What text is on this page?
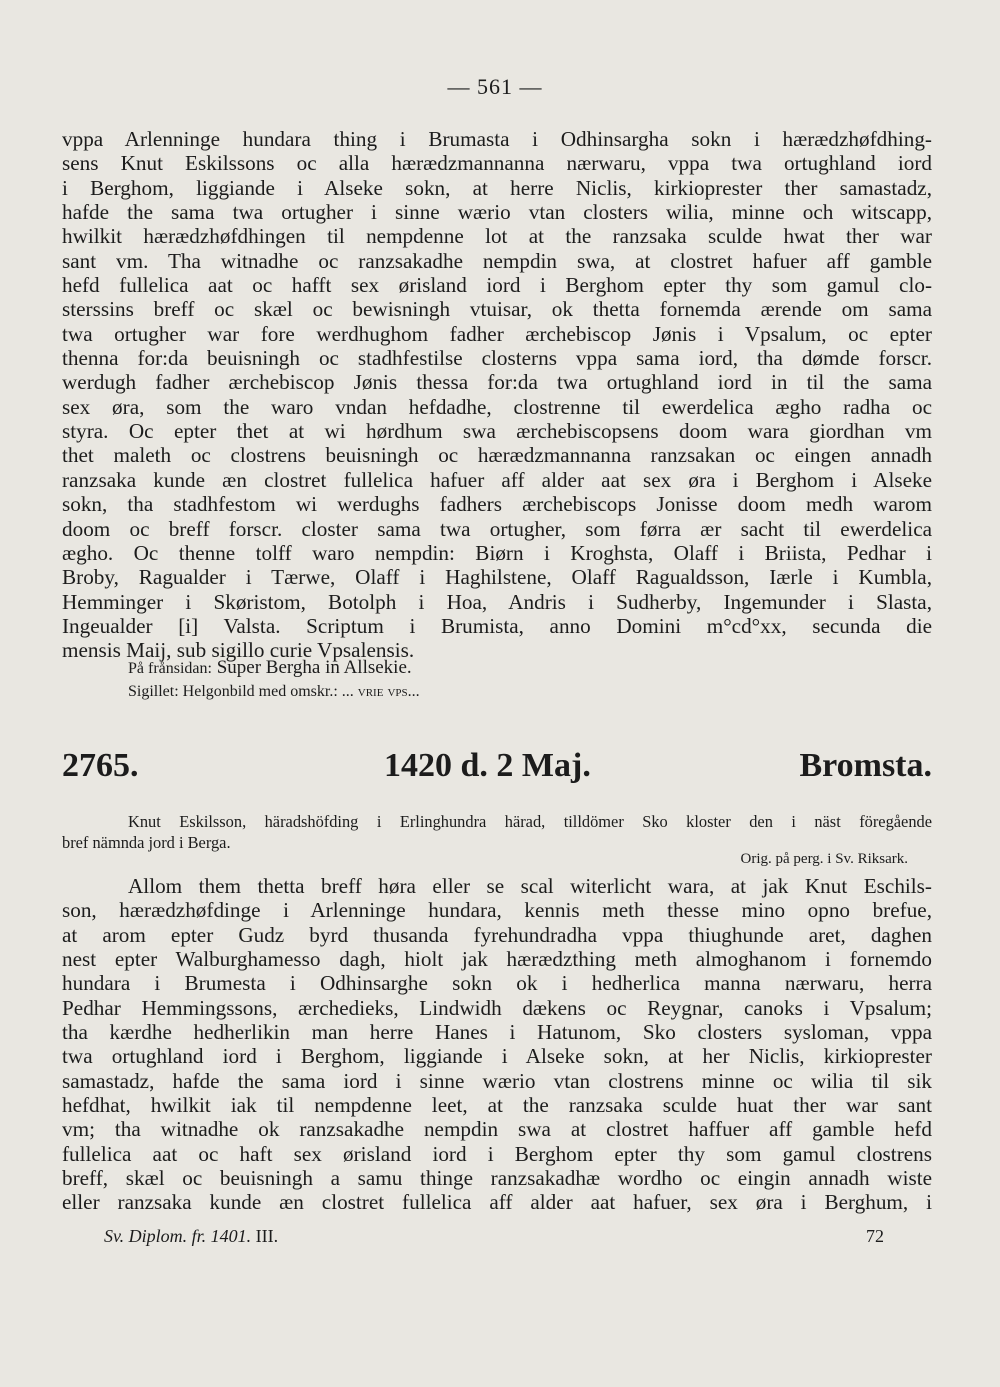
— 561 —
vppa Arlenninge hundara thing i Brumasta i Odhinsargha sokn i hærædzhøfdhing-
sens Knut Eskilssons oc alla hærædzmannanna nærwaru, vppa twa ortughland iord
i Berghom, liggiande i Alseke sokn, at herre Niclis, kirkioprester ther samastadz,
hafde the sama twa ortugher i sinne wærio vtan closters wilia, minne och witscapp,
hwilkit hærædzhøfdhingen til nempdenne lot at the ranzsaka sculde hwat ther war
sant vm. Tha witnadhe oc ranzsakadhe nempdin swa, at clostret hafuer aff gamble
hefd fullelica aat oc hafft sex ørisland iord i Berghom epter thy som gamul clo-
sterssins breff oc skæl oc bewisningh vtuisar, ok thetta fornemda ærende om sama
twa ortugher war fore werdhughom fadher ærchebiscop Jønis i Vpsalum, oc epter
thenna for:da beuisningh oc stadhfestilse closterns vppa sama iord, tha dømde forscr.
werdugh fadher ærchebiscop Jønis thessa for:da twa ortughland iord in til the sama
sex øra, som the waro vndan hefdadhe, clostrenne til ewerdelica ægho radha oc
styra. Oc epter thet at wi hørdhum swa ærchebiscopsens doom wara giordhan vm
thet maleth oc clostrens beuisningh oc hærædzmannanna ranzsakan oc eingen annadh
ranzsaka kunde æn clostret fullelica hafuer aff alder aat sex øra i Berghom i Alseke
sokn, tha stadhfestom wi werdughs fadhers ærchebiscops Jonisse doom medh warom
doom oc breff forscr. closter sama twa ortugher, som førra ær sacht til ewerdelica
ægho. Oc thenne tolff waro nempdin: Biørn i Kroghsta, Olaff i Briista, Pedhar i
Broby, Ragualder i Tærwe, Olaff i Haghilstene, Olaff Ragualdsson, Iærle i Kumbla,
Hemminger i Skøristom, Botolph i Hoa, Andris i Sudherby, Ingemunder i Slasta,
Ingeualder [i] Valsta. Scriptum i Brumista, anno Domini m°cd°xx, secunda die
mensis Maij, sub sigillo curie Vpsalensis.
På frånsidan: Super Bergha in Allsekie.
Sigillet: Helgonbild med omskr.: ... vrie vps...
2765.	1420 d. 2 Maj.	Bromsta.
Knut Eskilsson, häradshöfding i Erlinghundra härad, tilldömer Sko kloster den i näst föregående
bref nämnda jord i Berga.
Orig. på perg. i Sv. Riksark.
Allom them thetta breff høra eller se scal witerlicht wara, at jak Knut Eschils-
son, hærædzhøfdinge i Arlenninge hundara, kennis meth thesse mino opno brefue,
at arom epter Gudz byrd thusanda fyrehundradha vppa thiughunde aret, daghen
nest epter Walburghamesso dagh, hiolt jak hærædzthing meth almoghanom i fornemdo
hundara i Brumesta i Odhinsarghe sokn ok i hedherlica manna nærwaru, herra
Pedhar Hemmingssons, ærchedieks, Lindwidh dækens oc Reygnar, canoks i Vpsalum;
tha kærdhe hedherlikin man herre Hanes i Hatunom, Sko closters sysloman, vppa
twa ortughland iord i Berghom, liggiande i Alseke sokn, at her Niclis, kirkioprester
samastadz, hafde the sama iord i sinne wærio vtan clostrens minne oc wilia til sik
hefdhat, hwilkit iak til nempdenne leet, at the ranzsaka sculde huat ther war sant
vm; tha witnadhe ok ranzsakadhe nempdin swa at clostret haffuer aff gamble hefd
fullelica aat oc haft sex ørisland iord i Berghom epter thy som gamul clostrens
breff, skæl oc beuisningh a samu thinge ranzsakadhæ wordho oc eingin annadh wiste
eller ranzsaka kunde æn clostret fullelica aff alder aat hafuer, sex øra i Berghum, i
Sv. Diplom. fr. 1401. III.	72
